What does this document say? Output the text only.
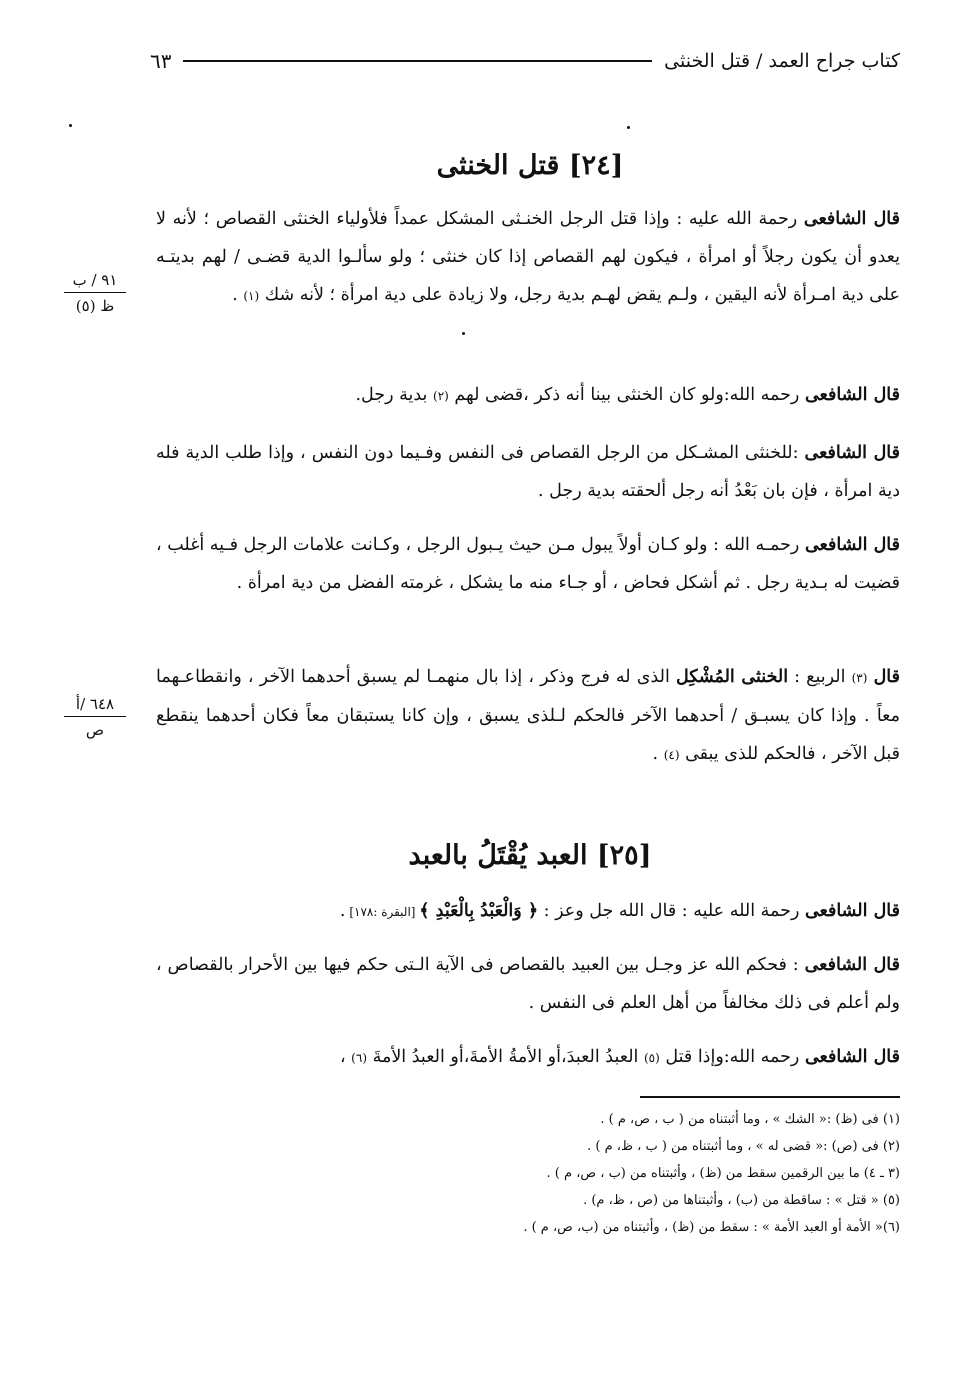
كتاب جراح العمد / قتل الخنثى
٦٣
[٢٤] قتل الخنثى

قال الشافعى رحمة الله عليه : وإذا قتل الرجل الخنـثى المشكل عمداً فلأولياء الخنثى القصاص ؛ لأنه لا يعدو أن يكون رجلاً أو امرأة ، فيكون لهم القصاص إذا كان خنثى ؛ ولو سألـوا الدية قضـى / لهم بديتـه على دية امـرأة لأنه اليقين ، ولـم يقض لهـم بدية رجل، ولا زيادة على دية امرأة ؛ لأنه شك (١) .

قال الشافعى رحمه الله:ولو كان الخنثى بينا أنه ذكر ،قضى لهم (٢) بدية رجل.

قال الشافعى :للخنثى المشـكل من الرجل القصاص فى النفس وفـيما دون النفس ، وإذا طلب الدية فله دية امرأة ، فإن بان بَعْدُ أنه رجل ألحقته بدية رجل .

قال الشافعى رحمـه الله : ولو كـان أولاً يبول مـن حيث يـبول الرجل ، وكـانت علامات الرجل فـيه أغلب ، قضيت له بـدية رجل . ثم أشكل فحاض ، أو جـاء منه ما يشكل ، غرمته الفضل من دية امرأة .

قال (٣) الربيع : الخنثى المُشْكِل الذى له فرج وذكر ، إذا بال منهمـا لم يسبق أحدهما الآخر ، وانقطاعـهما معاً . وإذا كان يسبـق / أحدهما الآخر فالحكم لـلذى يسبق ، وإن كانا يستبقان معاً فكان أحدهما ينقطع قبل الآخر ، فالحكم للذى يبقى (٤) .

[٢٥] العبد يُقْتَلُ بالعبد

قال الشافعى رحمة الله عليه : قال الله جل وعز : ﴿ وَالْعَبْدُ بِالْعَبْدِ ﴾ [البقرة :١٧٨] .

قال الشافعى : فحكم الله عز وجـل بين العبيد بالقصاص فى الآية الـتى حكم فيها بين الأحرار بالقصاص ، ولم أعلم فى ذلك مخالفاً من أهل العلم فى النفس .

قال الشافعى رحمه الله:وإذا قتل (٥) العبدُ العبدَ،أو الأمةُ الأمةَ،أو العبدُ الأمةَ (٦) ،

٩١ / ب
ظ (٥)
٦٤٨ /أ
ص
(١) فى (ظ) :« الشك » ، وما أثبتناه من ( ب ، ص، م ) .
(٢) فى (ص) :« قضى له » ، وما أثبتناه من ( ب ، ظ، م ) .
(٣ ـ ٤) ما بين الرقمين سقط من (ظ) ، وأثبتناه من (ب ، ص، م ) .
(٥) « قتل » : ساقطة من (ب) ، وأثبتناها من (ص ، ظ، م) .
(٦)« الأمة أو العبد الأمة » : سقط من (ظ) ، وأثبتناه من (ب، ص، م ) .
